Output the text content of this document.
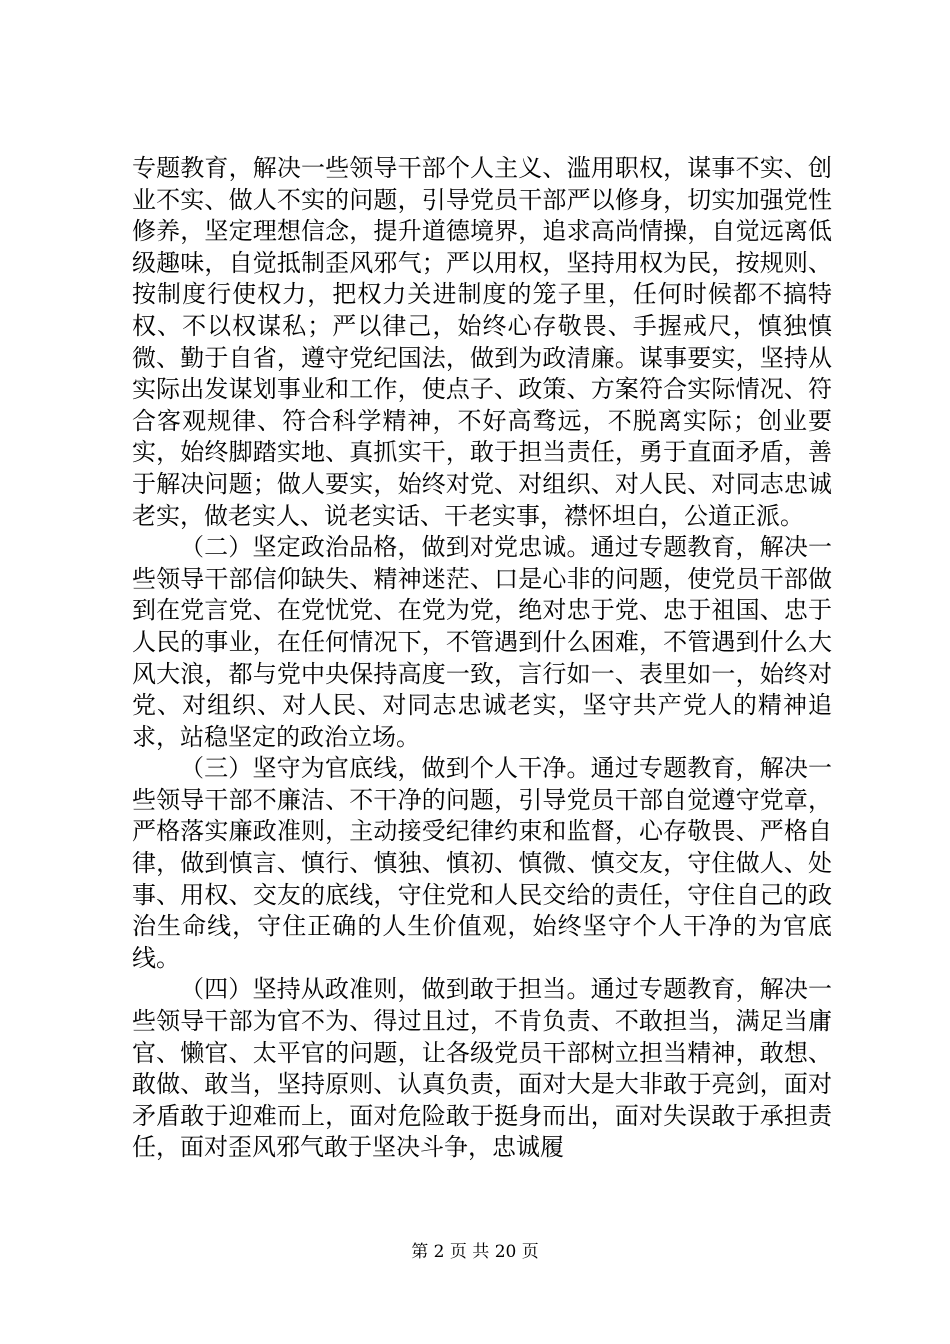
专题教育，解决一些领导干部个人主义、滥用职权，谋事不实、创业不实、做人不实的问题，引导党员干部严以修身，切实加强党性修养，坚定理想信念，提升道德境界，追求高尚情操，自觉远离低级趣味，自觉抵制歪风邪气；严以用权，坚持用权为民，按规则、按制度行使权力，把权力关进制度的笼子里，任何时候都不搞特权、不以权谋私；严以律己，始终心存敬畏、手握戒尺，慎独慎微、勤于自省，遵守党纪国法，做到为政清廉。谋事要实，坚持从实际出发谋划事业和工作，使点子、政策、方案符合实际情况、符合客观规律、符合科学精神，不好高骛远，不脱离实际；创业要实，始终脚踏实地、真抓实干，敢于担当责任，勇于直面矛盾，善于解决问题；做人要实，始终对党、对组织、对人民、对同志忠诚老实，做老实人、说老实话、干老实事，襟怀坦白，公道正派。

（二）坚定政治品格，做到对党忠诚。通过专题教育，解决一些领导干部信仰缺失、精神迷茫、口是心非的问题，使党员干部做到在党言党、在党忧党、在党为党，绝对忠于党、忠于祖国、忠于人民的事业，在任何情况下，不管遇到什么困难，不管遇到什么大风大浪，都与党中央保持高度一致，言行如一、表里如一，始终对党、对组织、对人民、对同志忠诚老实，坚守共产党人的精神追求，站稳坚定的政治立场。

（三）坚守为官底线，做到个人干净。通过专题教育，解决一些领导干部不廉洁、不干净的问题，引导党员干部自觉遵守党章，严格落实廉政准则，主动接受纪律约束和监督，心存敬畏、严格自律，做到慎言、慎行、慎独、慎初、慎微、慎交友，守住做人、处事、用权、交友的底线，守住党和人民交给的责任，守住自己的政治生命线，守住正确的人生价值观，始终坚守个人干净的为官底线。

（四）坚持从政准则，做到敢于担当。通过专题教育，解决一些领导干部为官不为、得过且过，不肯负责、不敢担当，满足当庸官、懒官、太平官的问题，让各级党员干部树立担当精神，敢想、敢做、敢当，坚持原则、认真负责，面对大是大非敢于亮剑，面对矛盾敢于迎难而上，面对危险敢于挺身而出，面对失误敢于承担责任，面对歪风邪气敢于坚决斗争，忠诚履

第 2 页 共 20 页
